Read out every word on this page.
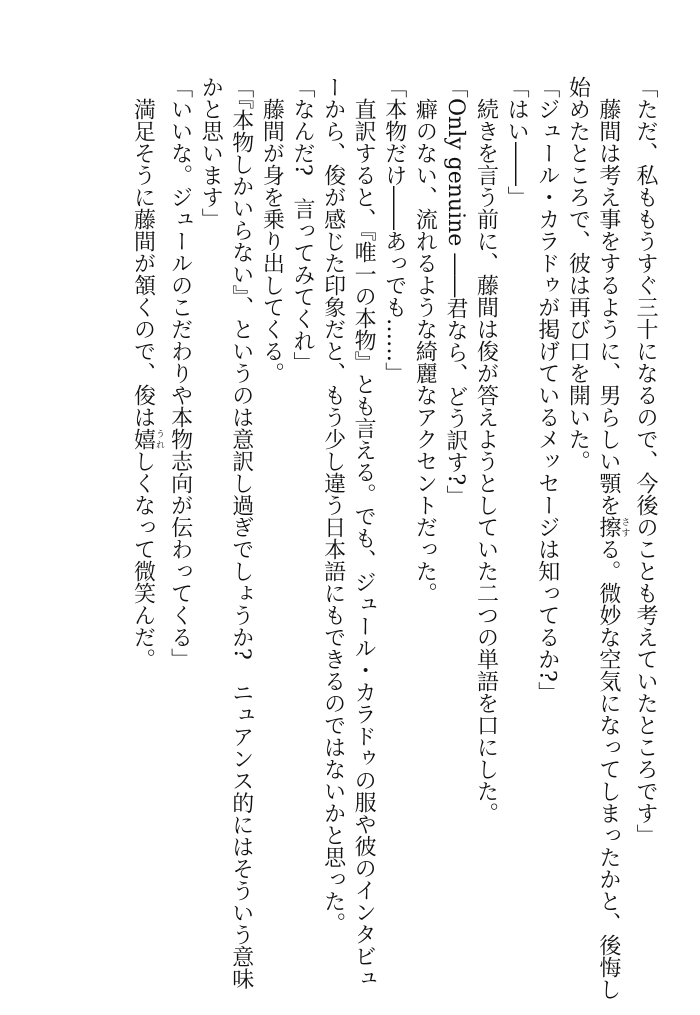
「ただ、私ももうすぐ三十になるので、今後のことも考えていたところです」
　藤間は考え事をするように、男らしい顎を擦さする。微妙な空気になってしまったかと、後悔し
始めたところで、彼は再び口を開いた。
「ジュール・カラドゥが掲げているメッセージは知ってるか?」
「はい――」
　続きを言う前に、藤間は俊が答えようとしていた二つの単語を口にした。
「Only genuine ――君なら、どう訳す?」
　癖のない、流れるような綺麗なアクセントだった。
「本物だけ――あっでも……」
　直訳すると、『唯一の本物』とも言える。でも、ジュール・カラドゥの服や彼のインタビュ
ーから、俊が感じた印象だと、もう少し違う日本語にもできるのではないかと思った。
「なんだ?　言ってみてくれ」
　藤間が身を乗り出してくる。
「『本物しかいらない』、というのは意訳し過ぎでしょうか?　ニュアンス的にはそういう意味
かと思います」
「いいな。ジュールのこだわりや本物志向が伝わってくる」
　満足そうに藤間が頷くので、俊は嬉うれしくなって微笑んだ。
